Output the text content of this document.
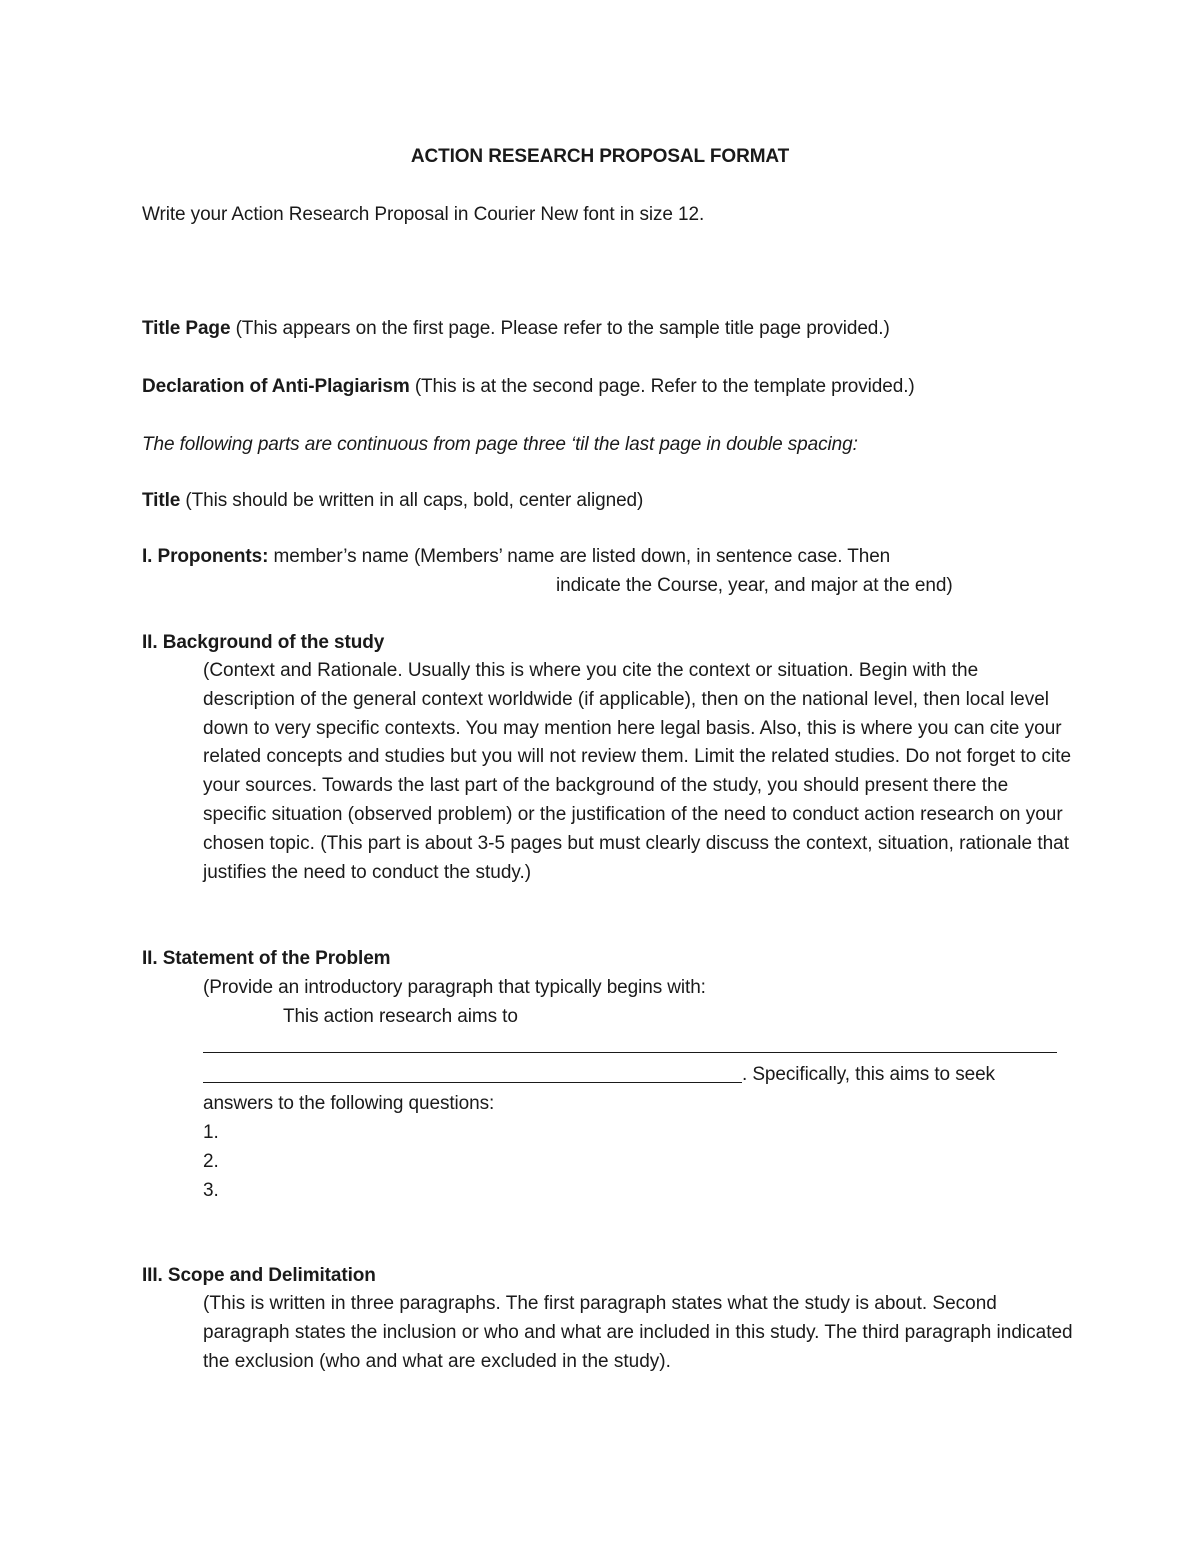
ACTION RESEARCH PROPOSAL FORMAT
Write your Action Research Proposal in Courier New font in size 12.
Title Page (This appears on the first page. Please refer to the sample title page provided.)
Declaration of Anti-Plagiarism (This is at the second page. Refer to the template provided.)
The following parts are continuous from page three ‘til the last page in double spacing:
Title (This should be written in all caps, bold, center aligned)
I. Proponents: member’s name (Members’ name are listed down, in sentence case. Then
indicate the Course, year, and major at the end)
II. Background of the study
(Context and Rationale. Usually this is where you cite the context or situation. Begin with the description of the general context worldwide (if applicable), then on the national level, then local level down to very specific contexts. You may mention here legal basis. Also, this is where you can cite your related concepts and studies but you will not review them. Limit the related studies. Do not forget to cite your sources. Towards the last part of the background of the study, you should present there the specific situation (observed problem) or the justification of the need to conduct action research on your chosen topic. (This part is about 3-5 pages but must clearly discuss the context, situation, rationale that justifies the need to conduct the study.)
II. Statement of the Problem
(Provide an introductory paragraph that typically begins with:
This action research aims to
. Specifically, this aims to seek
answers to the following questions:
1.
2.
3.
III. Scope and Delimitation
(This is written in three paragraphs. The first paragraph states what the study is about. Second paragraph states the inclusion or who and what are included in this study. The third paragraph indicated the exclusion (who and what are excluded in the study).
